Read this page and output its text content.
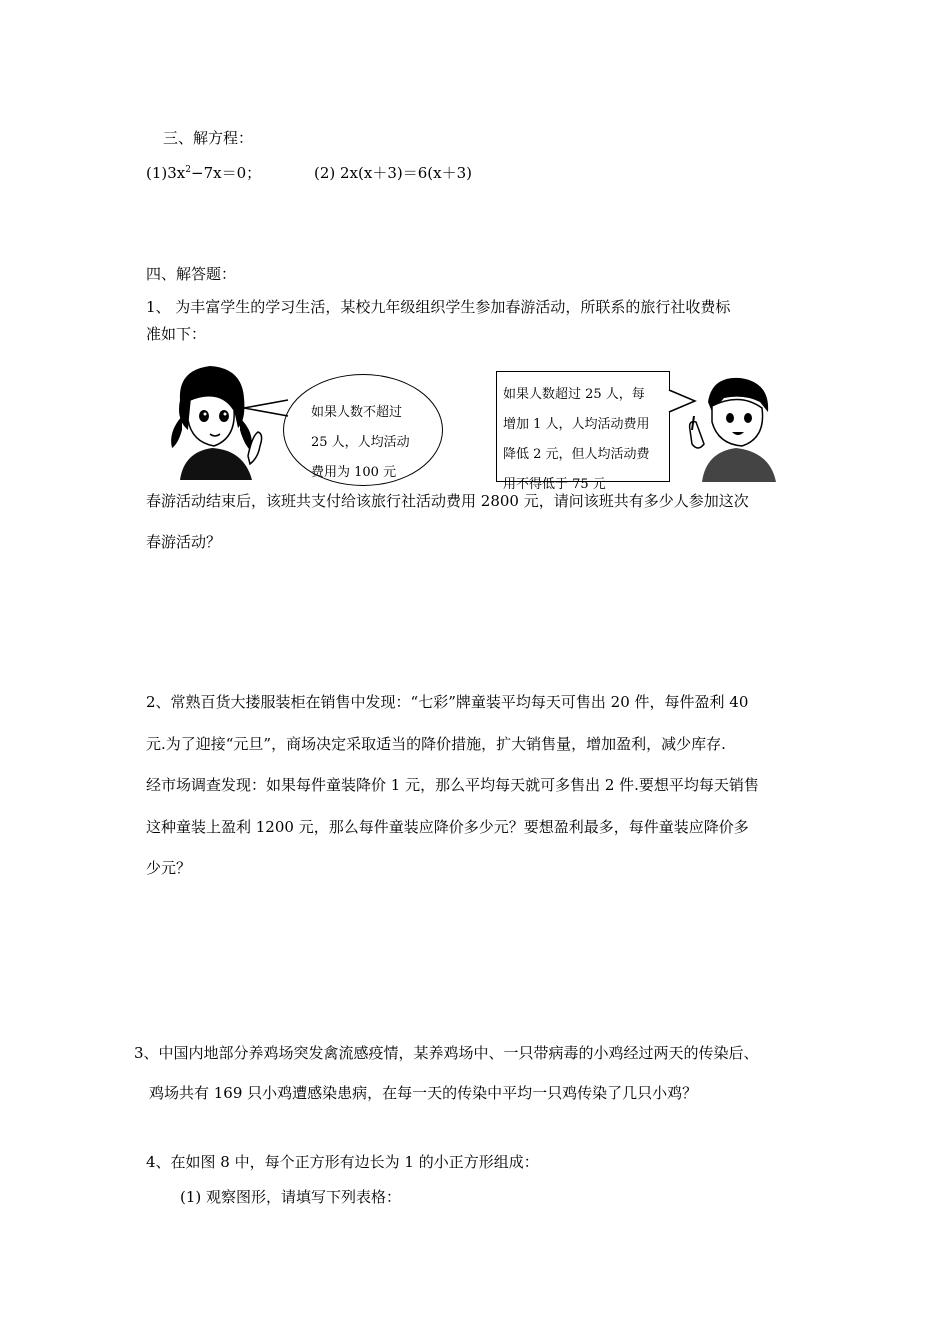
三、解方程：
$(1)3x^2-7x=0$；	(2) 2x(x＋3)＝6(x＋3)
四、解答题：
1、 为丰富学生的学习生活，某校九年级组织学生参加春游活动，所联系的旅行社收费标
准如下：
如果人数不超过
25 人，人均活动
费用为 100 元
如果人数超过 25 人，每
增加 1 人，人均活动费用
降低 2 元，但人均活动费
用不得低于 75 元
春游活动结束后，该班共支付给该旅行社活动费用 2800 元，请问该班共有多少人参加这次
春游活动？
2、常熟百货大搂服装柜在销售中发现：“七彩”牌童装平均每天可售出 20 件，每件盈利 40
元.为了迎接“元旦”，商场决定采取适当的降价措施，扩大销售量，增加盈利，减少库存.
经市场调查发现：如果每件童装降价 1 元，那么平均每天就可多售出 2 件.要想平均每天销售
这种童装上盈利 1200 元，那么每件童装应降价多少元？要想盈利最多，每件童装应降价多
少元？
3、中国内地部分养鸡场突发禽流感疫情，某养鸡场中、一只带病毒的小鸡经过两天的传染后、
鸡场共有 169 只小鸡遭感染患病，在每一天的传染中平均一只鸡传染了几只小鸡？
4、在如图 8 中，每个正方形有边长为 1 的小正方形组成：
(1) 观察图形，请填写下列表格：
